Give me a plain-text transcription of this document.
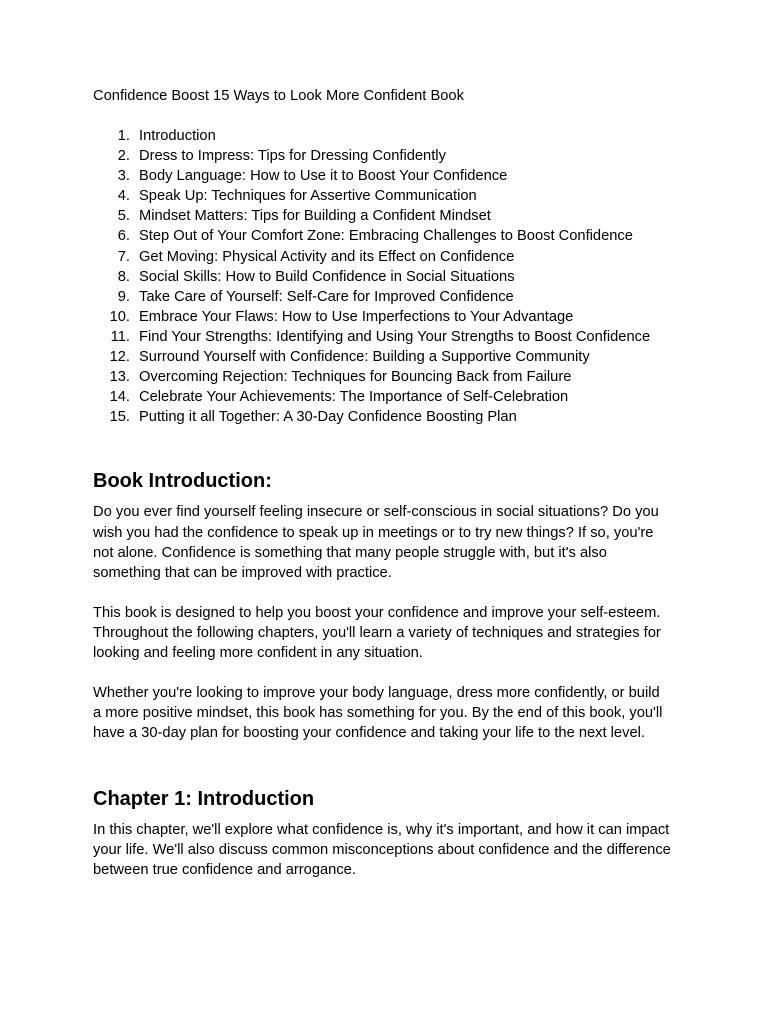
Confidence Boost 15 Ways to Look More Confident Book

1. Introduction
2. Dress to Impress: Tips for Dressing Confidently
3. Body Language: How to Use it to Boost Your Confidence
4. Speak Up: Techniques for Assertive Communication
5. Mindset Matters: Tips for Building a Confident Mindset
6. Step Out of Your Comfort Zone: Embracing Challenges to Boost Confidence
7. Get Moving: Physical Activity and its Effect on Confidence
8. Social Skills: How to Build Confidence in Social Situations
9. Take Care of Yourself: Self-Care for Improved Confidence
10. Embrace Your Flaws: How to Use Imperfections to Your Advantage
11. Find Your Strengths: Identifying and Using Your Strengths to Boost Confidence
12. Surround Yourself with Confidence: Building a Supportive Community
13. Overcoming Rejection: Techniques for Bouncing Back from Failure
14. Celebrate Your Achievements: The Importance of Self-Celebration
15. Putting it all Together: A 30-Day Confidence Boosting Plan
Book Introduction:

Do you ever find yourself feeling insecure or self-conscious in social situations? Do you wish you had the confidence to speak up in meetings or to try new things? If so, you're not alone. Confidence is something that many people struggle with, but it's also something that can be improved with practice.

This book is designed to help you boost your confidence and improve your self-esteem. Throughout the following chapters, you'll learn a variety of techniques and strategies for looking and feeling more confident in any situation.

Whether you're looking to improve your body language, dress more confidently, or build a more positive mindset, this book has something for you. By the end of this book, you'll have a 30-day plan for boosting your confidence and taking your life to the next level.

Chapter 1: Introduction

In this chapter, we'll explore what confidence is, why it's important, and how it can impact your life. We'll also discuss common misconceptions about confidence and the difference between true confidence and arrogance.
